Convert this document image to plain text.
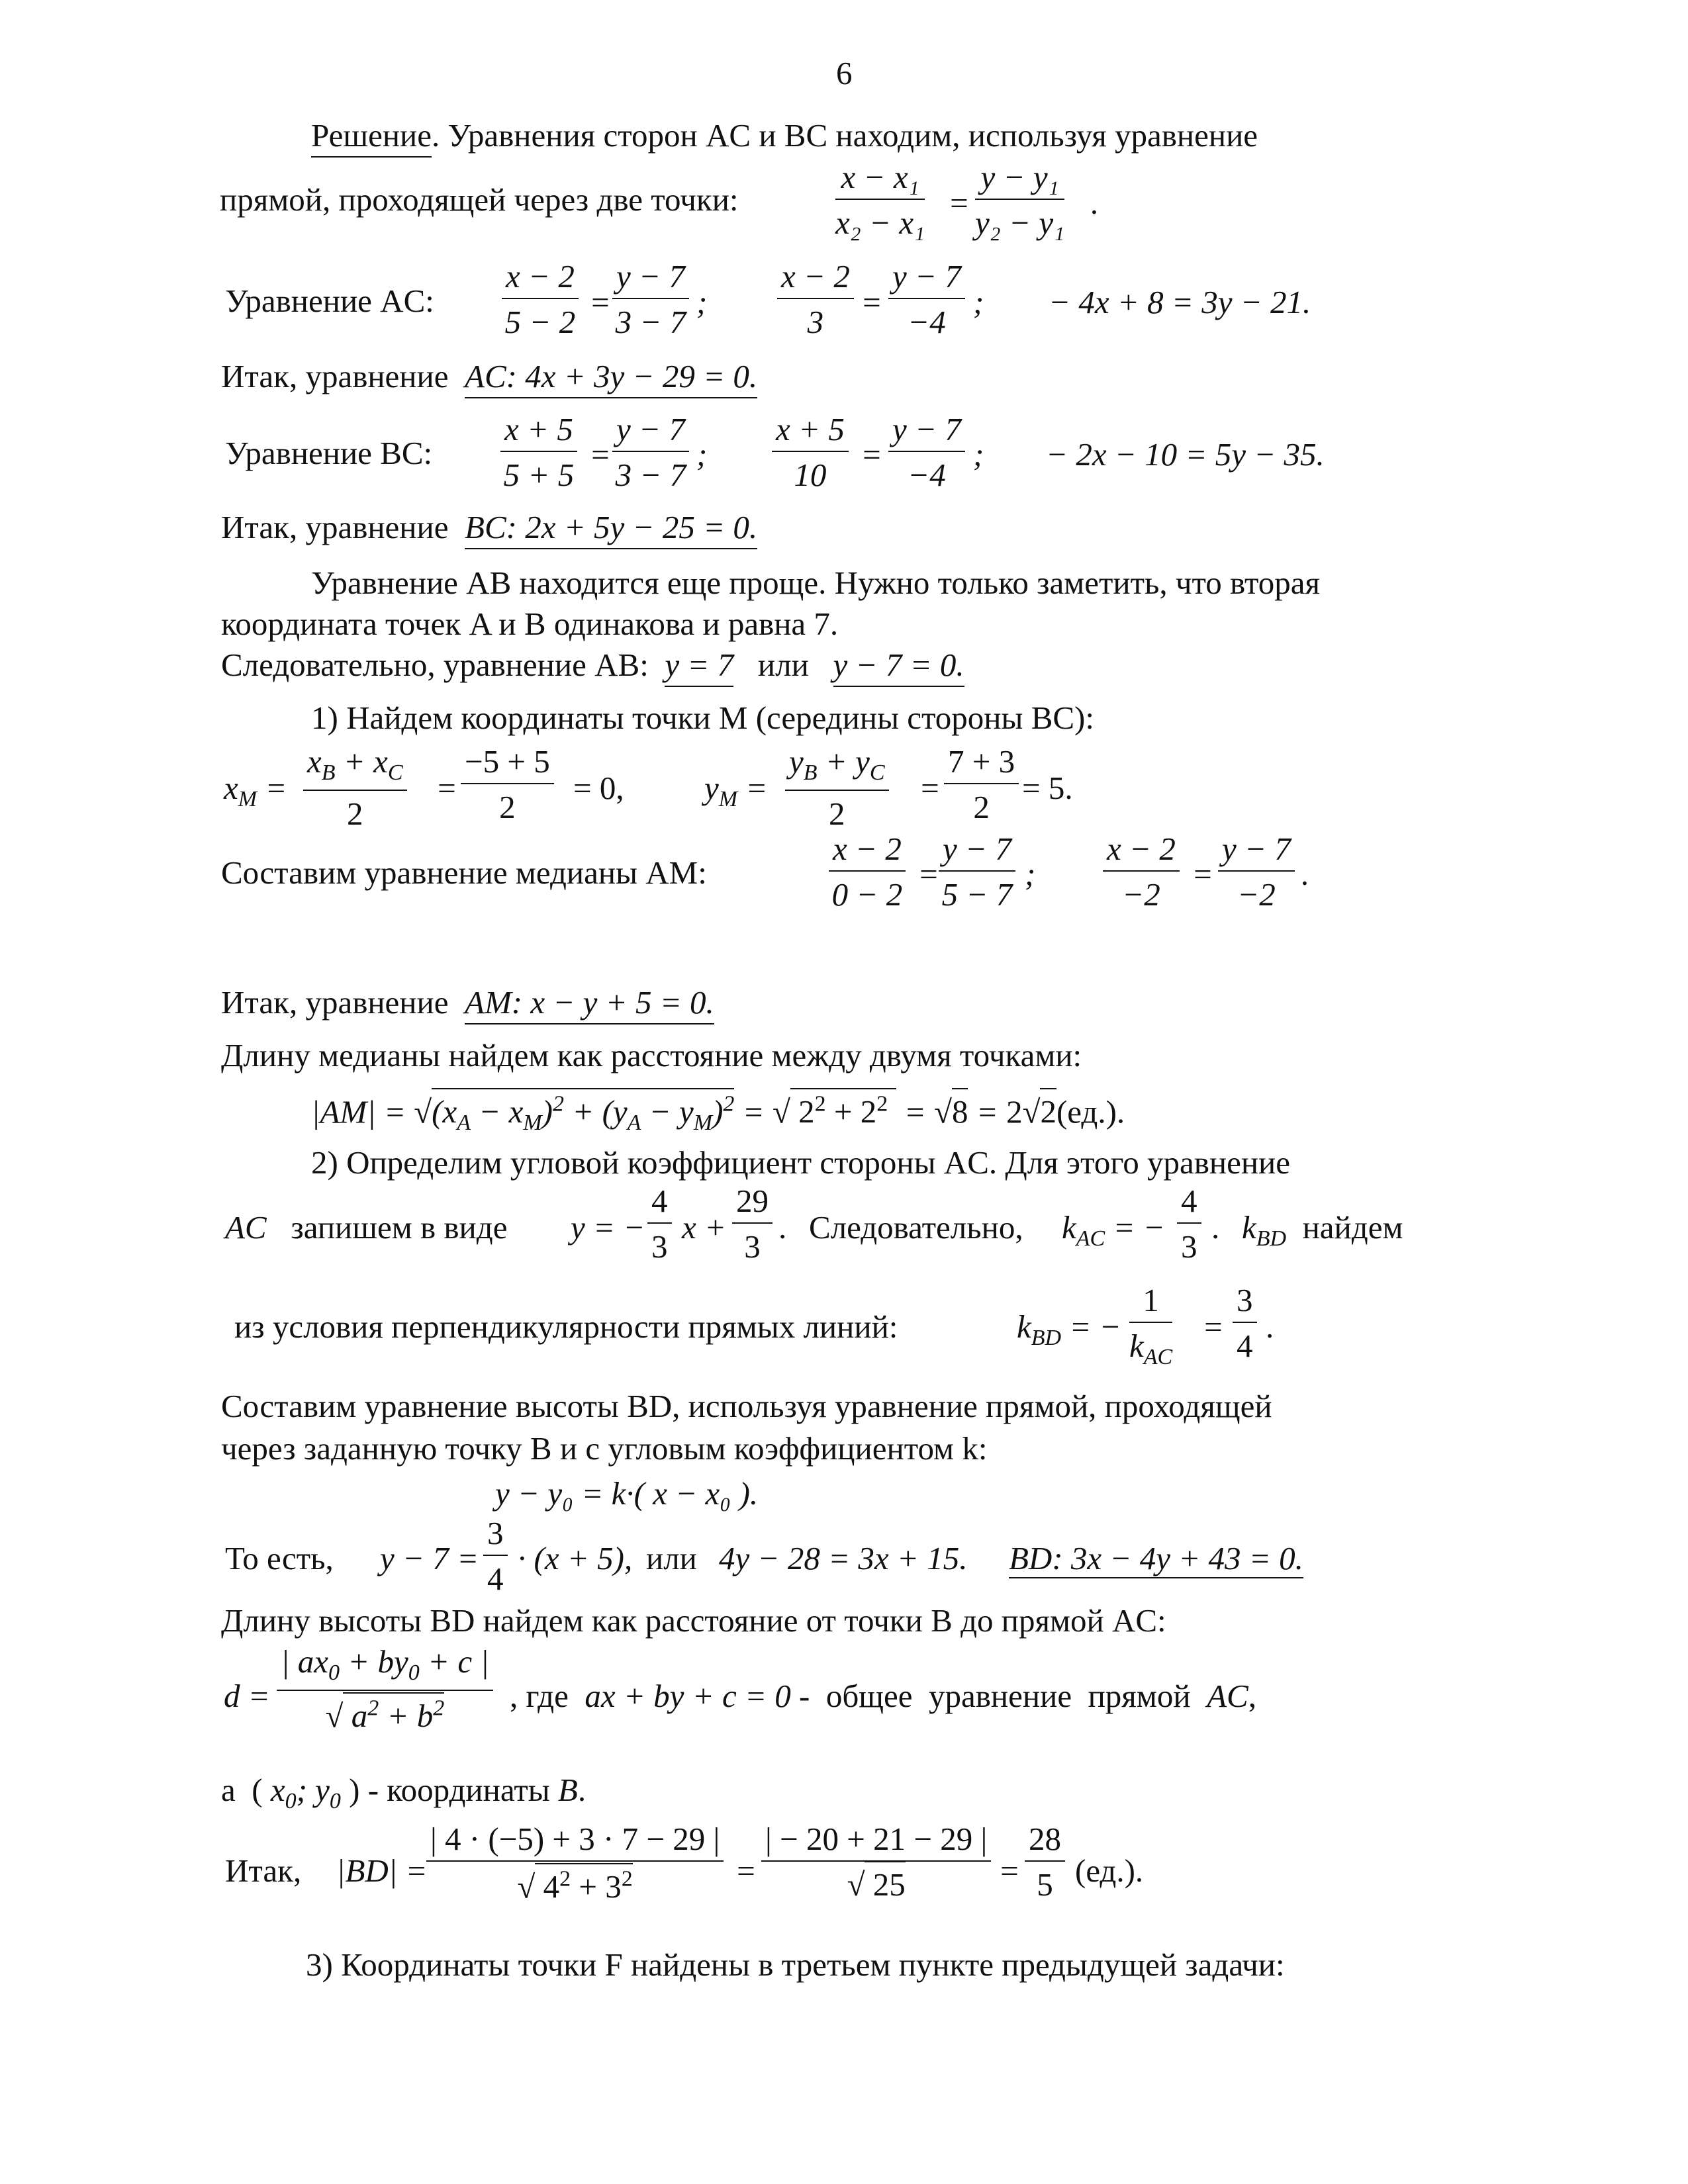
6
Решение. Уравнения сторон AC и BC находим, используя уравнение
прямой, проходящей через две точки:	$\frac{\text{x − x₁}}{\text{x₂ − x₁}} = \frac{\text{y − y₁}}{\text{y₂ − y₁}}$ .
Уравнение AC: $\frac{x - 2}{5 - 2} = \frac{y - 7}{3 - 7}$ ; $\frac{x - 2}{3} = \frac{y - 7}{-4}$ ; − 4x + 8 = 3y − 21.
Итак, уравнение AC: 4x + 3y − 29 = 0.
Уравнение BC: $\frac{x + 5}{5 + 5} = \frac{y - 7}{3 - 7}$ ; $\frac{x + 5}{10} = \frac{y - 7}{-4}$ ; − 2x − 10 = 5y − 35.
Итак, уравнение BC: 2x + 5y − 25 = 0.
Уравнение AB находится еще проще. Нужно только заметить, что вторая
координата точек A и B одинакова и равна 7.
Следовательно, уравнение AB: y = 7 или y − 7 = 0.
1) Найдем координаты точки M (середины стороны BC):
$x_M = \frac{x_B + x_C}{2} = \frac{-5 + 5}{2} = 0$, $y_M = \frac{y_B + y_C}{2} = \frac{7 + 3}{2} = 5$.
Составим уравнение медианы AM:	$\frac{x - 2}{0 - 2}$ =
$\frac{y - 7}{5 - 7}$ ; $\frac{x - 2}{-2} = \frac{y - 7}{-2}$ .
Итак, уравнение AM: x − y + 5 = 0.
Длину медианы найдем как расстояние между двумя точками:
$|AM| = √(x_A - x_M)^2 + (y_A - y_M)^2$ = √ $2^2 + 2^2 = √8 = 2√2(ед.)$.
2) Определим угловой коэффициент стороны AC. Для этого уравнение
AC   запишем в виде y = − $\frac{4}{3}$ $x + \frac{29}{3}$ . Следовательно, $k_{AC}$ = − $\frac{4}{3}$ . $k_{BD}$  найдем
из условия перпендикулярности прямых линий:	$k_{BD}$ = −
1
$k_{AC}$
= $\frac{3}{4}$ .
Составим уравнение высоты BD, используя уравнение прямой, проходящей
через заданную точку B и с угловым коэффициентом k:
y − y₀ = k·( x − x₀ ).
То есть, $y - 7 = \frac{3}{4} \cdot (x + 5)$, или 4y − 28 = 3x + 15. BD: 3x − 4y + 43 = 0.
Длину высоты BD найдем как расстояние от точки B до прямой AC:
$d = \frac{| ax_0 + by_0 + c |}{√ a^2 + b^2}$ , где  ax + by + c = 0 -  общее  уравнение  прямой  AC,
a  ( $x_0$; $y_0$ ) - координаты B.
Итак, |BD| =
$\frac{| 4 \cdot (-5) + 3 \cdot 7 - 29 |}{√ 4^2 + 3^2} = \frac{| - 20 + 21 - 29 |}{√ 25} = \frac{28}{5} (ед.)$.
3) Координаты точки F найдены в третьем пункте предыдущей задачи:
